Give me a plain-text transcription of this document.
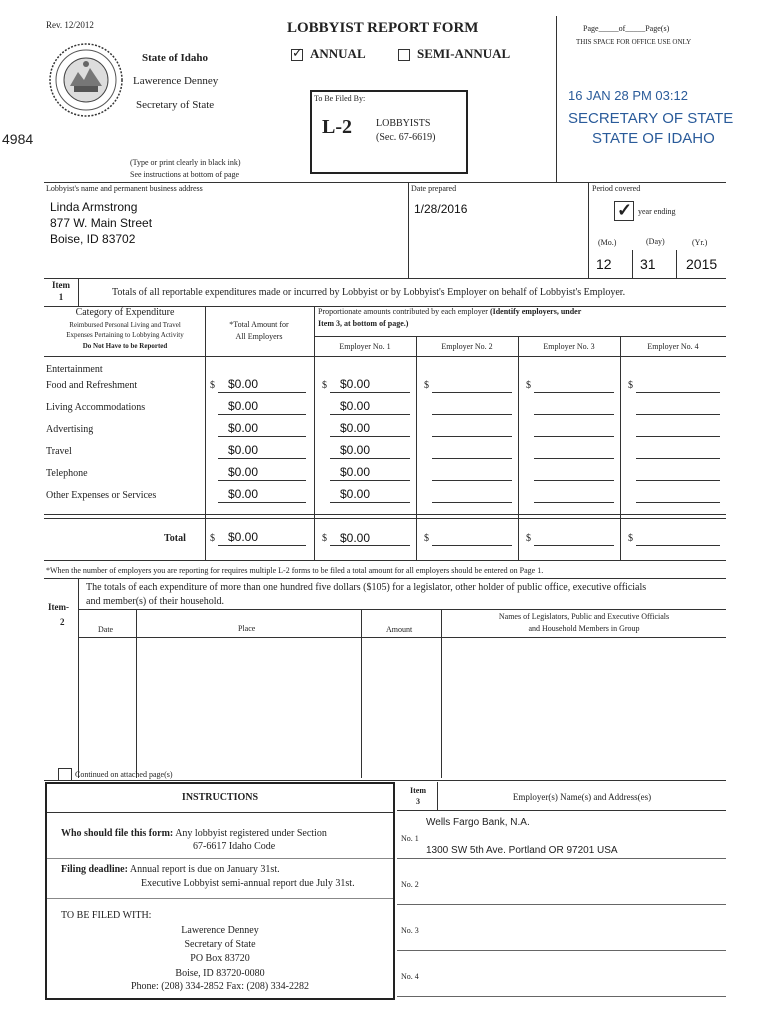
Rev. 12/2012	LOBBYIST REPORT FORM
✓ ANNUAL	SEMI-ANNUAL
State of Idaho
Lawerence Denney
Secretary of State
To Be Filed By:
L-2 LOBBYISTS
(Sec. 67-6619)
4984
(Type or print clearly in black ink)
See instructions at bottom of page
Page_____of_____Page(s)
THIS SPACE FOR OFFICE USE ONLY
16 JAN 28 PM 03:12
SECRETARY OF STATE
STATE OF IDAHO
Lobbyist's name and permanent business address
Linda Armstrong
877 W. Main Street
Boise, ID 83702
Date prepared
1/28/2016
Period covered
✓ year ending
(Mo.)	(Day)	(Yr.)
12 31 2015
Item
1	Totals of all reportable expenditures made or incurred by Lobbyist or by Lobbyist's Employer on behalf of Lobbyist's Employer.
Category of Expenditure
Reimbursed Personal Living and Travel
Expenses Pertaining to Lobbying Activity
Do Not Have to be Reported
*Total Amount for
All Employers
Proportionate amounts contributed by each employer (Identify employers, under
Item 3, at bottom of page.)
Employer No. 1	Employer No. 2	Employer No. 3	Employer No. 4
Entertainment
Food and Refreshment	$ $0.00	$ $0.00	$	$	$
Living Accommodations	$0.00	$0.00
Advertising	$0.00	$0.00
Travel	$0.00	$0.00
Telephone	$0.00	$0.00
Other Expenses or Services	$0.00	$0.00
Total $ $0.00	$ $0.00	$	$	$
*When the number of employers you are reporting for requires multiple L-2 forms to be filed a total amount for all employers should be entered on Page 1.
Item-
2
The totals of each expenditure of more than one hundred five dollars ($105) for a legislator, other holder of public office, executive officials
and member(s) of their household.
Date	Place	Amount
Names of Legislators, Public and Executive Officials
and Household Members in Group
Continued on attached page(s)
INSTRUCTIONS
Who should file this form: Any lobbyist registered under Section
67-6617 Idaho Code
Filing deadline: Annual report is due on January 31st.
Executive Lobbyist semi-annual report due July 31st.
TO BE FILED WITH:
Lawerence Denney
Secretary of State
PO Box 83720
Boise, ID 83720-0080
Phone: (208) 334-2852 Fax: (208) 334-2282
Item
3	Employer(s) Name(s) and Address(es)
No. 1
Wells Fargo Bank, N.A.
1300 SW 5th Ave. Portland OR 97201 USA
No. 2
No. 3
No. 4
